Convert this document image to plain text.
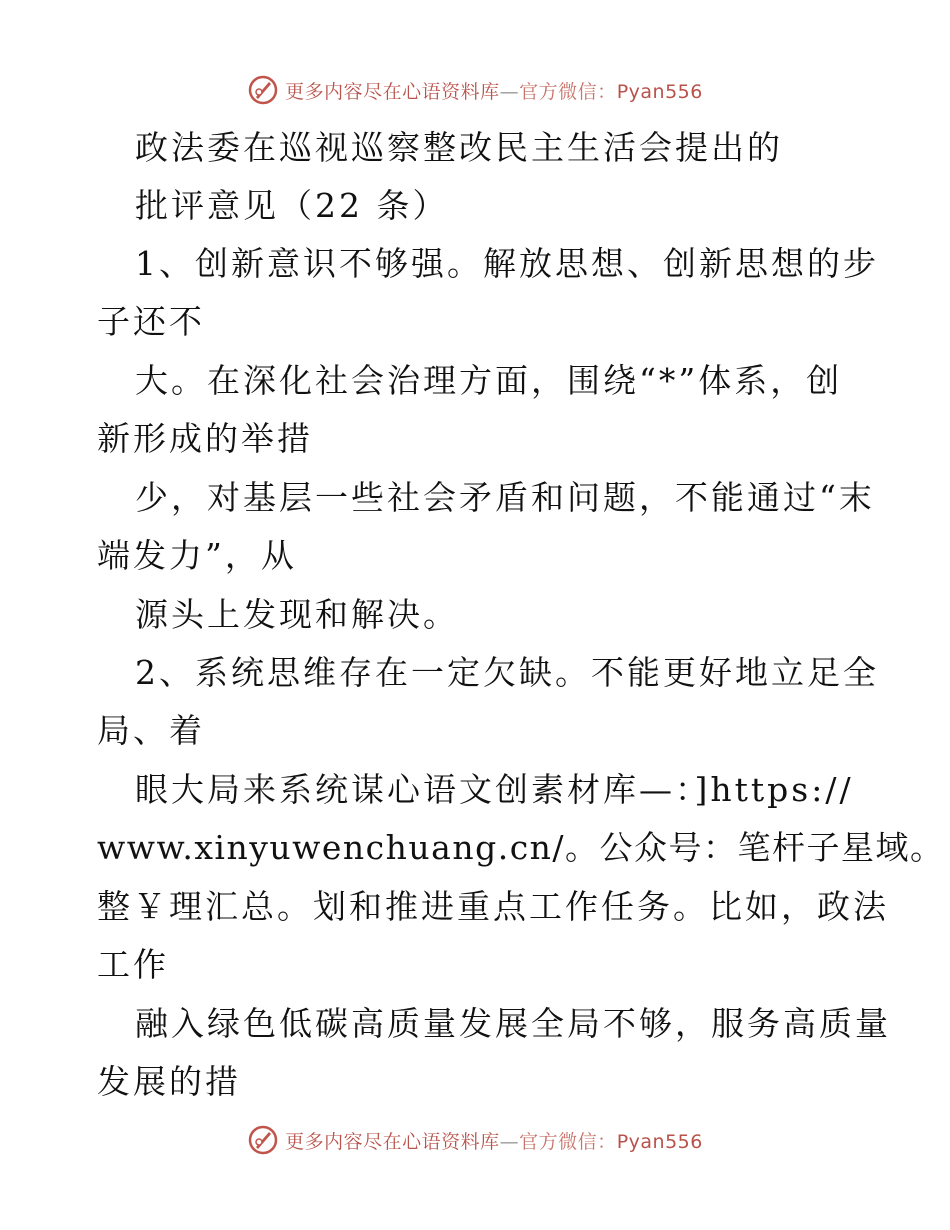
更多内容尽在心语资料库—官方微信：Pyan556
政法委在巡视巡察整改民主生活会提出的
批评意见（22 条）
1、创新意识不够强。解放思想、创新思想的步
子还不
大。在深化社会治理方面，围绕“*”体系，创
新形成的举措
少，对基层一些社会矛盾和问题，不能通过“末
端发力”，从
源头上发现和解决。
2、系统思维存在一定欠缺。不能更好地立足全
局、着
眼大局来系统谋心语文创素材库—：]https://
www.xinyuwenchuang.cn/。公众号：笔杆子星域。
整￥理汇总。划和推进重点工作任务。比如，政法
工作
融入绿色低碳高质量发展全局不够，服务高质量
发展的措
更多内容尽在心语资料库—官方微信：Pyan556
